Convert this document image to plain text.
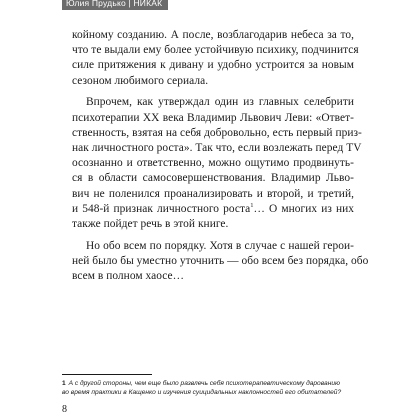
Юлия Прудько | НИКАК
койному созданию. А после, возблагодарив небеса за то,
что те выдали ему более устойчивую психику, подчинится
силе притяжения к дивану и удобно устроится за новым
сезоном любимого сериала.
Впрочем, как утверждал один из главных селебрити
психотерапии ХХ века Владимир Львович Леви: «Ответ-
ственность, взятая на себя добровольно, есть первый приз-
нак личностного роста». Так что, если возлежать перед TV
осознанно и ответственно, можно ощутимо продвинуть-
ся в области самосовершенствования. Владимир Льво-
вич не поленился проанализировать и второй, и третий,
и 548-й признак личностного роста$^1$… О многих из них
также пойдет речь в этой книге.
Но обо всем по порядку. Хотя в случае с нашей герои-
ней было бы уместно уточнить — обо всем без порядка, обо
всем в полном хаосе…
1 А с другой стороны, чем еще было развлечь себя психотерапевтическому дарованию
во время практики в Кащенко и изучения суицидальных наклонностей его обитателей?
8
